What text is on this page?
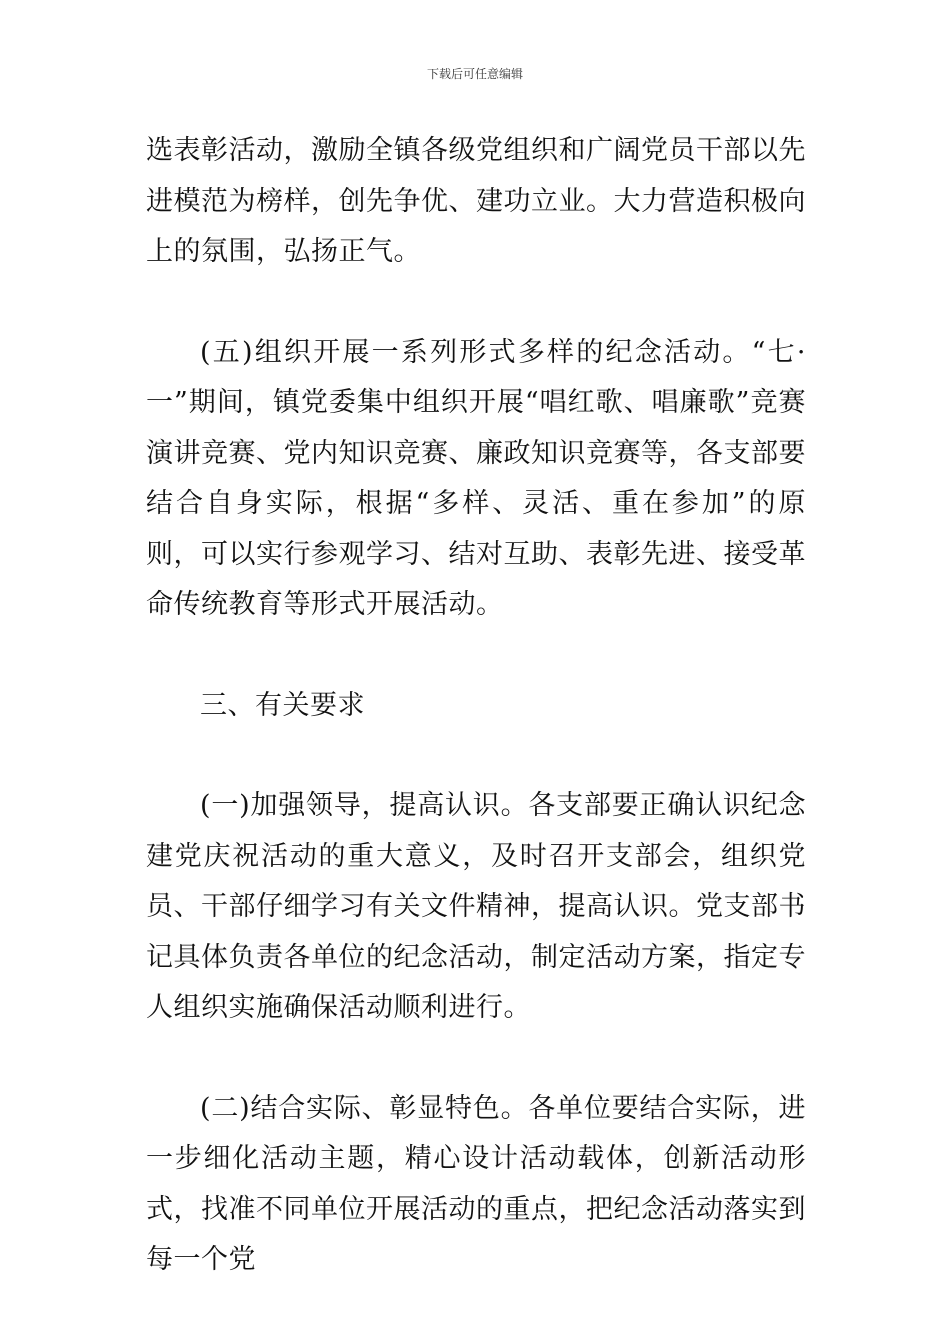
下载后可任意编辑

选表彰活动，激励全镇各级党组织和广阔党员干部以先进模范为榜样，创先争优、建功立业。大力营造积极向上的氛围，弘扬正气。

(五)组织开展一系列形式多样的纪念活动。“七·一”期间，镇党委集中组织开展“唱红歌、唱廉歌”竞赛演讲竞赛、党内知识竞赛、廉政知识竞赛等，各支部要结合自身实际，根据“多样、灵活、重在参加”的原则，可以实行参观学习、结对互助、表彰先进、接受革命传统教育等形式开展活动。

三、有关要求

(一)加强领导，提高认识。各支部要正确认识纪念建党庆祝活动的重大意义，及时召开支部会，组织党员、干部仔细学习有关文件精神，提高认识。党支部书记具体负责各单位的纪念活动，制定活动方案，指定专人组织实施确保活动顺利进行。

(二)结合实际、彰显特色。各单位要结合实际，进一步细化活动主题，精心设计活动载体，创新活动形式，找准不同单位开展活动的重点，把纪念活动落实到每一个党
